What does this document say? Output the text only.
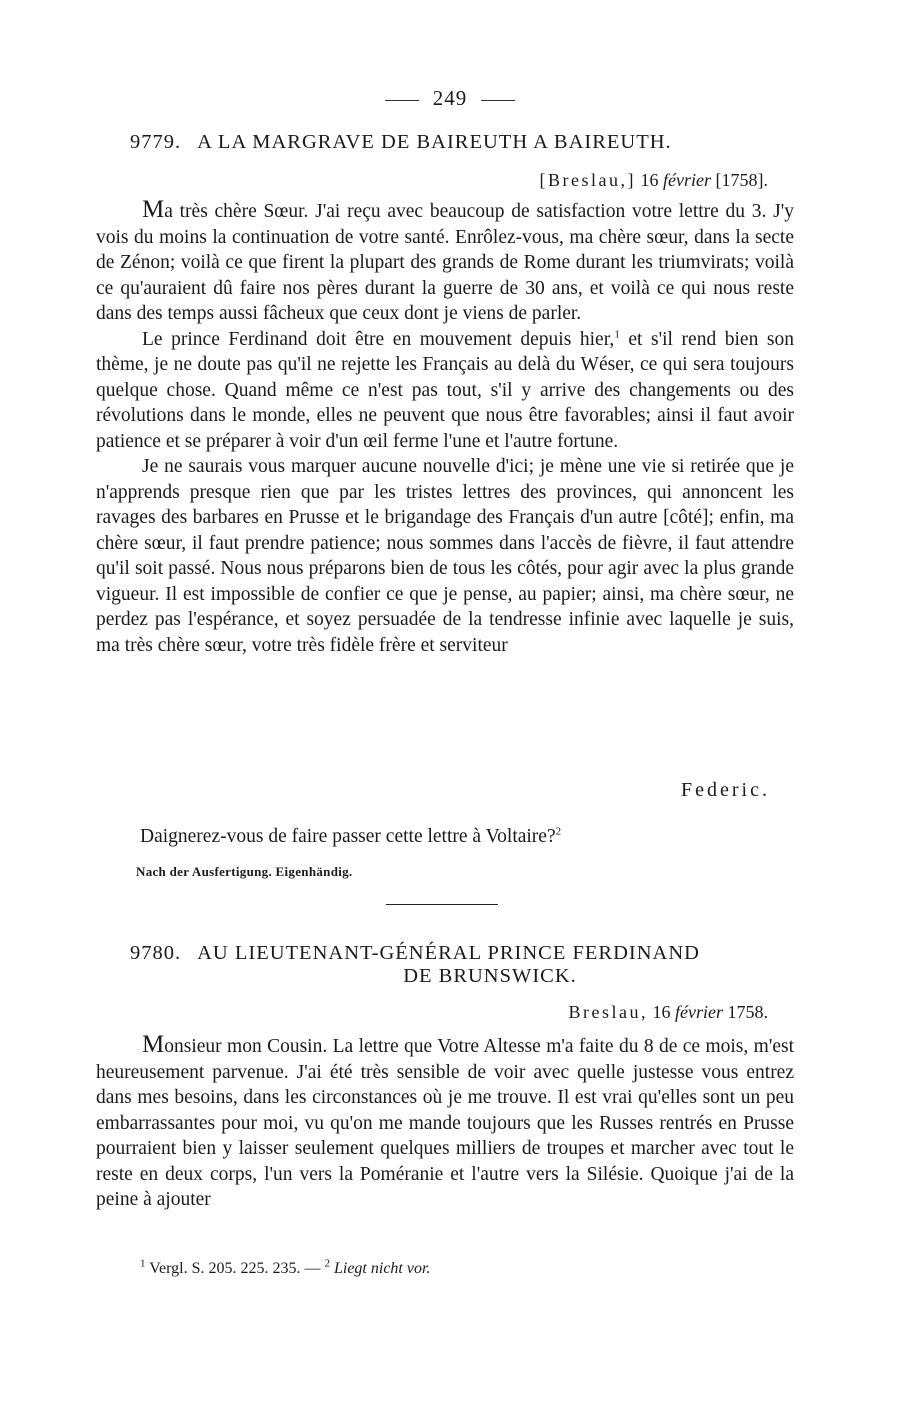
249
9779. A LA MARGRAVE DE BAIREUTH A BAIREUTH.
[Breslau,] 16 février [1758].

Ma très chère Sœur. J'ai reçu avec beaucoup de satisfaction votre lettre du 3. J'y vois du moins la continuation de votre santé. Enrôlez-vous, ma chère sœur, dans la secte de Zénon; voilà ce que firent la plupart des grands de Rome durant les triumvirats; voilà ce qu'auraient dû faire nos pères durant la guerre de 30 ans, et voilà ce qui nous reste dans des temps aussi fâcheux que ceux dont je viens de parler.

Le prince Ferdinand doit être en mouvement depuis hier,$^1$ et s'il rend bien son thème, je ne doute pas qu'il ne rejette les Français au delà du Wéser, ce qui sera toujours quelque chose. Quand même ce n'est pas tout, s'il y arrive des changements ou des révolutions dans le monde, elles ne peuvent que nous être favorables; ainsi il faut avoir patience et se préparer à voir d'un œil ferme l'une et l'autre fortune.

Je ne saurais vous marquer aucune nouvelle d'ici; je mène une vie si retirée que je n'apprends presque rien que par les tristes lettres des provinces, qui annoncent les ravages des barbares en Prusse et le brigandage des Français d'un autre [côté]; enfin, ma chère sœur, il faut prendre patience; nous sommes dans l'accès de fièvre, il faut attendre qu'il soit passé. Nous nous préparons bien de tous les côtés, pour agir avec la plus grande vigueur. Il est impossible de confier ce que je pense, au papier; ainsi, ma chère sœur, ne perdez pas l'espérance, et soyez persuadée de la tendresse infinie avec laquelle je suis, ma très chère sœur, votre très fidèle frère et serviteur

Federic.
Daignerez-vous de faire passer cette lettre à Voltaire?$^2$
Nach der Ausfertigung. Eigenhändig.
9780. AU LIEUTENANT-GÉNÉRAL PRINCE FERDINAND
DE BRUNSWICK.
Breslau, 16 février 1758.

Monsieur mon Cousin. La lettre que Votre Altesse m'a faite du 8 de ce mois, m'est heureusement parvenue. J'ai été très sensible de voir avec quelle justesse vous entrez dans mes besoins, dans les circonstances où je me trouve. Il est vrai qu'elles sont un peu embarrassantes pour moi, vu qu'on me mande toujours que les Russes rentrés en Prusse pourraient bien y laisser seulement quelques milliers de troupes et marcher avec tout le reste en deux corps, l'un vers la Poméranie et l'autre vers la Silésie. Quoique j'ai de la peine à ajouter

$^1$ Vergl. S. 205. 225. 235. — $^2$ Liegt nicht vor.
